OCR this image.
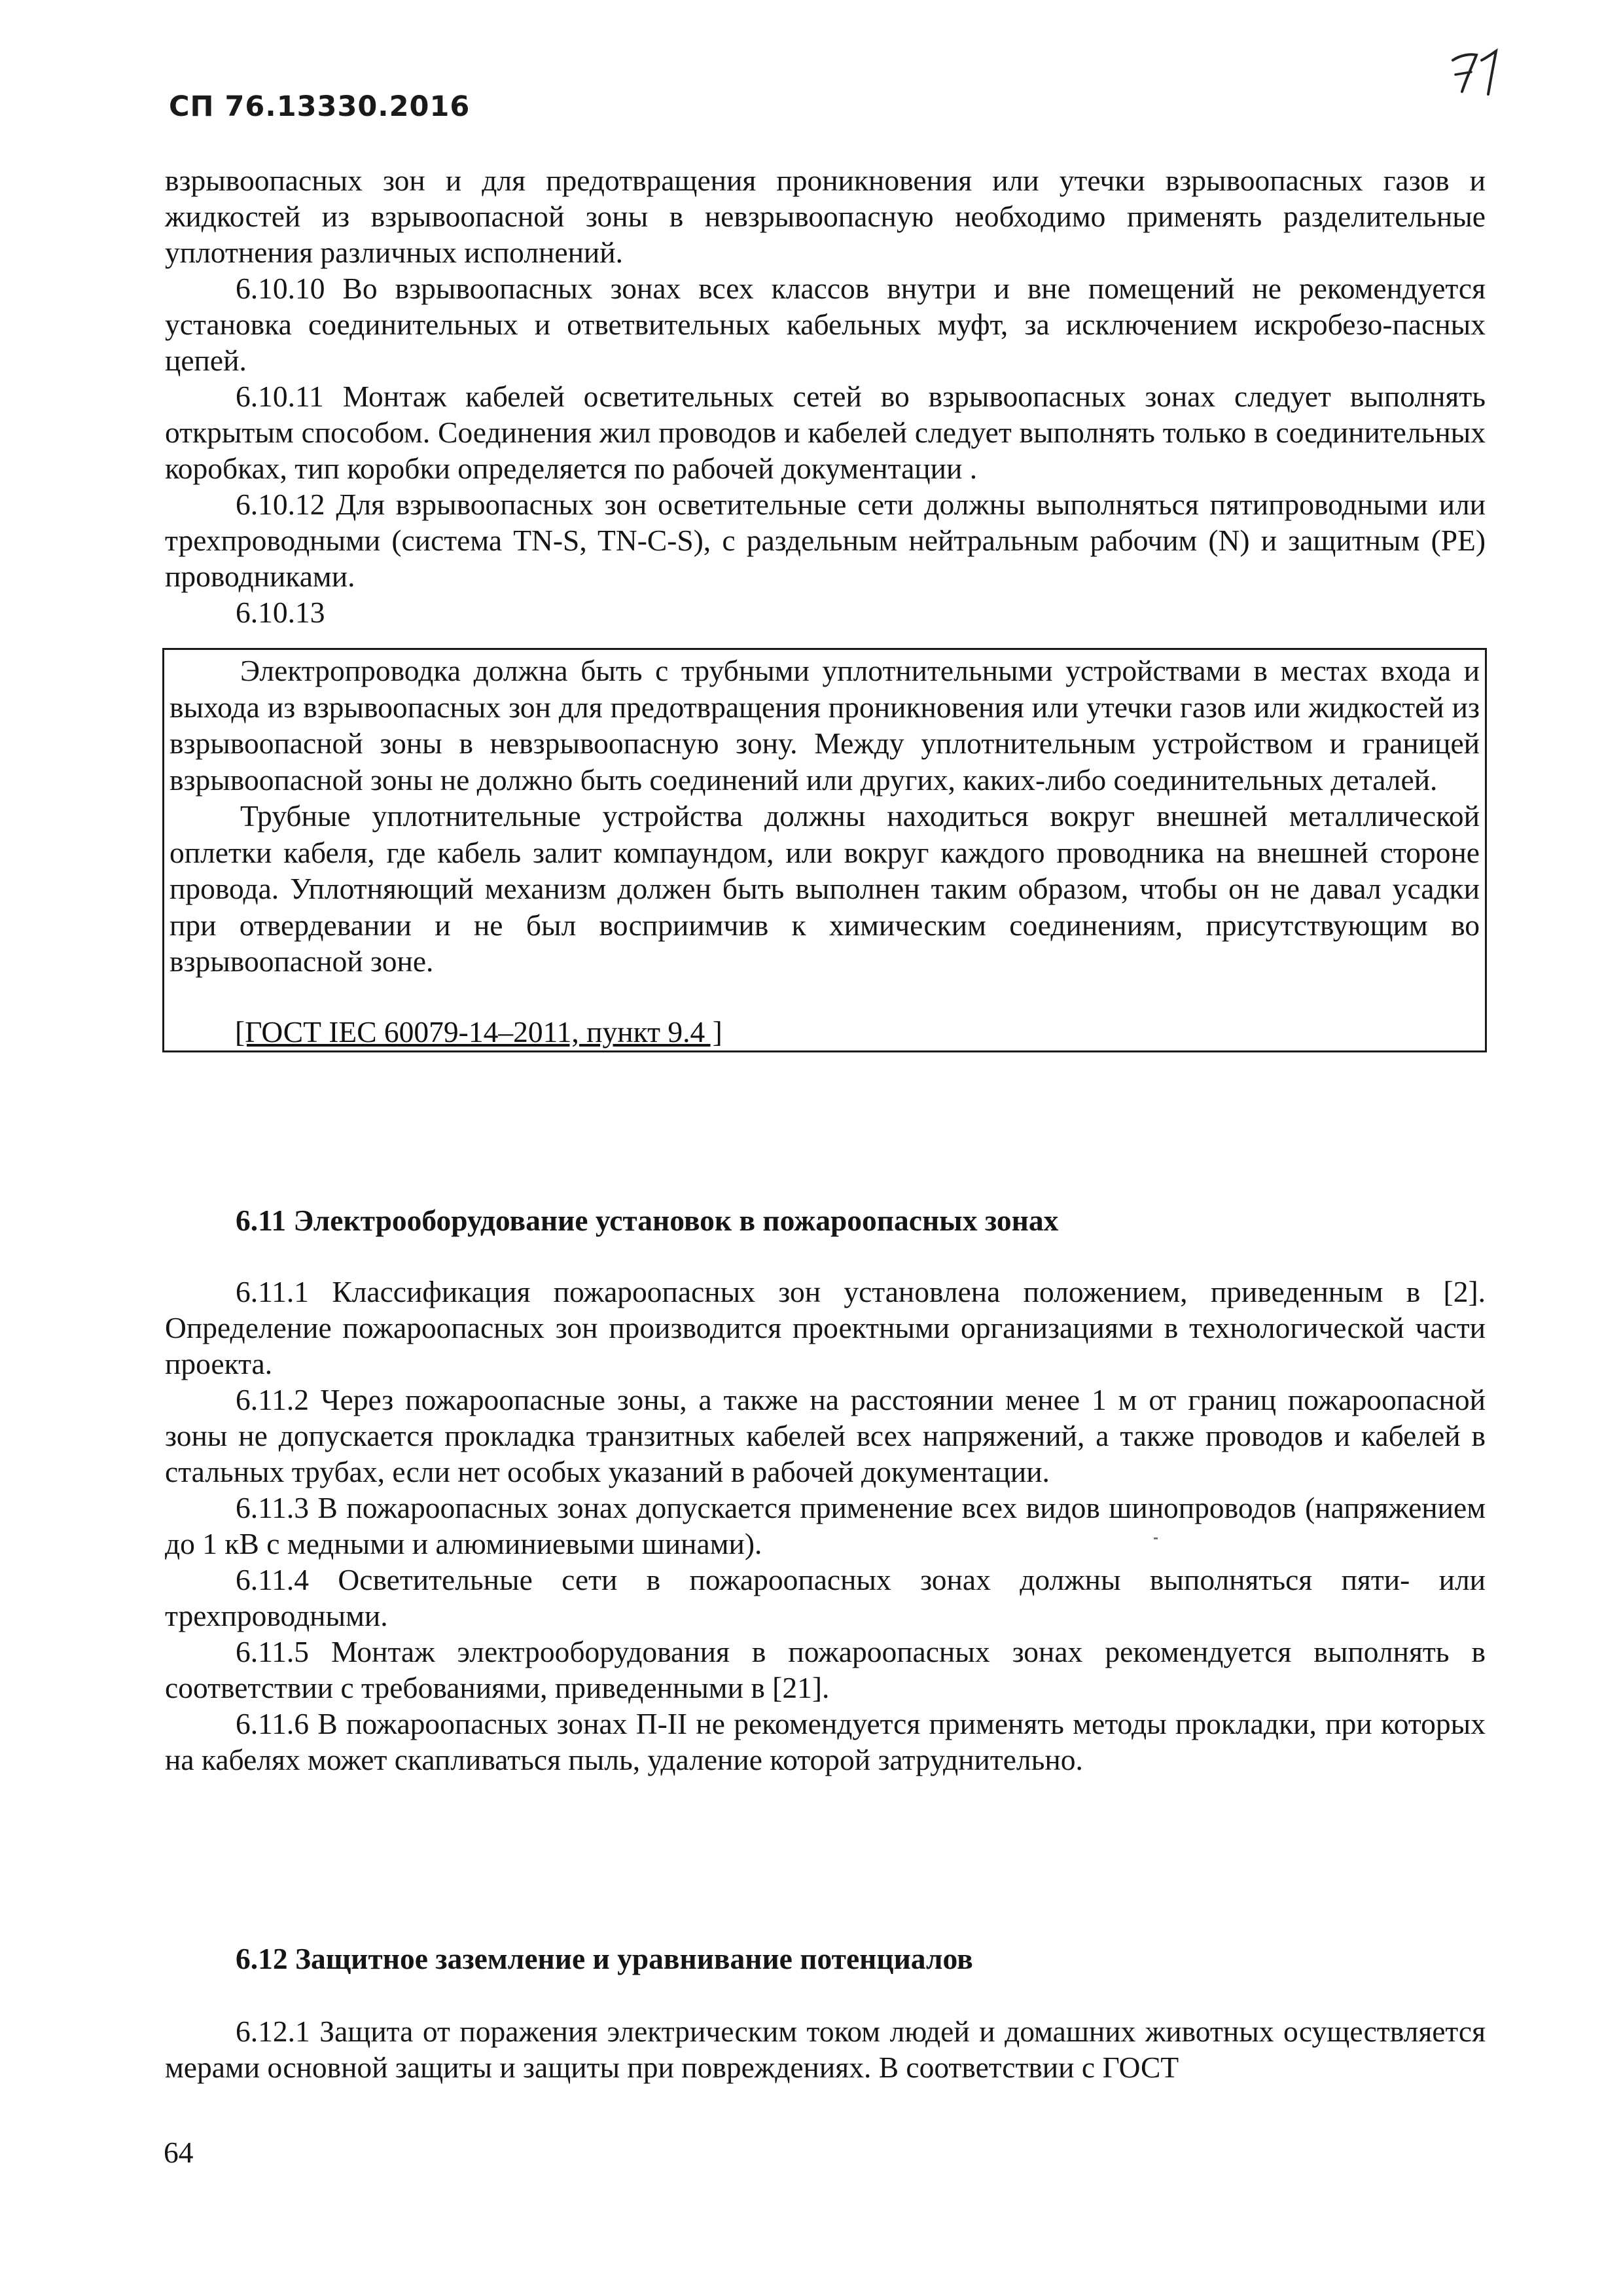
СП 76.13330.2016

взрывоопасных зон и для предотвращения проникновения или утечки взрывоопасных газов и жидкостей из взрывоопасной зоны в невзрывоопасную необходимо применять разделительные уплотнения различных исполнений.

6.10.10 Во взрывоопасных зонах всех классов внутри и вне помещений не рекомендуется установка соединительных и ответвительных кабельных муфт, за исключением искробезо-пасных цепей.

6.10.11 Монтаж кабелей осветительных сетей во взрывоопасных зонах следует выполнять открытым способом. Соединения жил проводов и кабелей следует выполнять только в соединительных коробках, тип коробки определяется по рабочей документации .

6.10.12 Для взрывоопасных зон осветительные сети должны выполняться пятипроводными или трехпроводными (система TN-S, TN-C-S), с раздельным нейтральным рабочим (N) и защитным (PE) проводниками.

6.10.13

Электропроводка должна быть с трубными уплотнительными устройствами в местах входа и выхода из взрывоопасных зон для предотвращения проникновения или утечки газов или жидкостей из взрывоопасной зоны в невзрывоопасную зону. Между уплотнительным устройством и границей взрывоопасной зоны не должно быть соединений или других, каких-либо соединительных деталей.

Трубные уплотнительные устройства должны находиться вокруг внешней металлической оплетки кабеля, где кабель залит компаундом, или вокруг каждого проводника на внешней стороне провода. Уплотняющий механизм должен быть выполнен таким образом, чтобы он не давал усадки при отвердевании и не был восприимчив к химическим соединениям, присутствующим во взрывоопасной зоне.

[ГОСТ IEC 60079-14–2011, пункт 9.4 ]
6.11 Электрооборудование установок в пожароопасных зонах

6.11.1 Классификация пожароопасных зон установлена положением, приведенным в [2]. Определение пожароопасных зон производится проектными организациями в технологической части проекта.

6.11.2 Через пожароопасные зоны, а также на расстоянии менее 1 м от границ пожароопасной зоны не допускается прокладка транзитных кабелей всех напряжений, а также проводов и кабелей в стальных трубах, если нет особых указаний в рабочей документации.

6.11.3 В пожароопасных зонах допускается применение всех видов шинопроводов (напряжением до 1 кВ с медными и алюминиевыми шинами).

6.11.4 Осветительные сети в пожароопасных зонах должны выполняться пяти- или трехпроводными.

6.11.5 Монтаж электрооборудования в пожароопасных зонах рекомендуется выполнять в соответствии с требованиями, приведенными в [21].

6.11.6 В пожароопасных зонах П-II не рекомендуется применять методы прокладки, при которых на кабелях может скапливаться пыль, удаление которой затруднительно.

6.12 Защитное заземление и уравнивание потенциалов

6.12.1 Защита от поражения электрическим током людей и домашних животных осуществляется мерами основной защиты и защиты при повреждениях. В соответствии с ГОСТ

64
